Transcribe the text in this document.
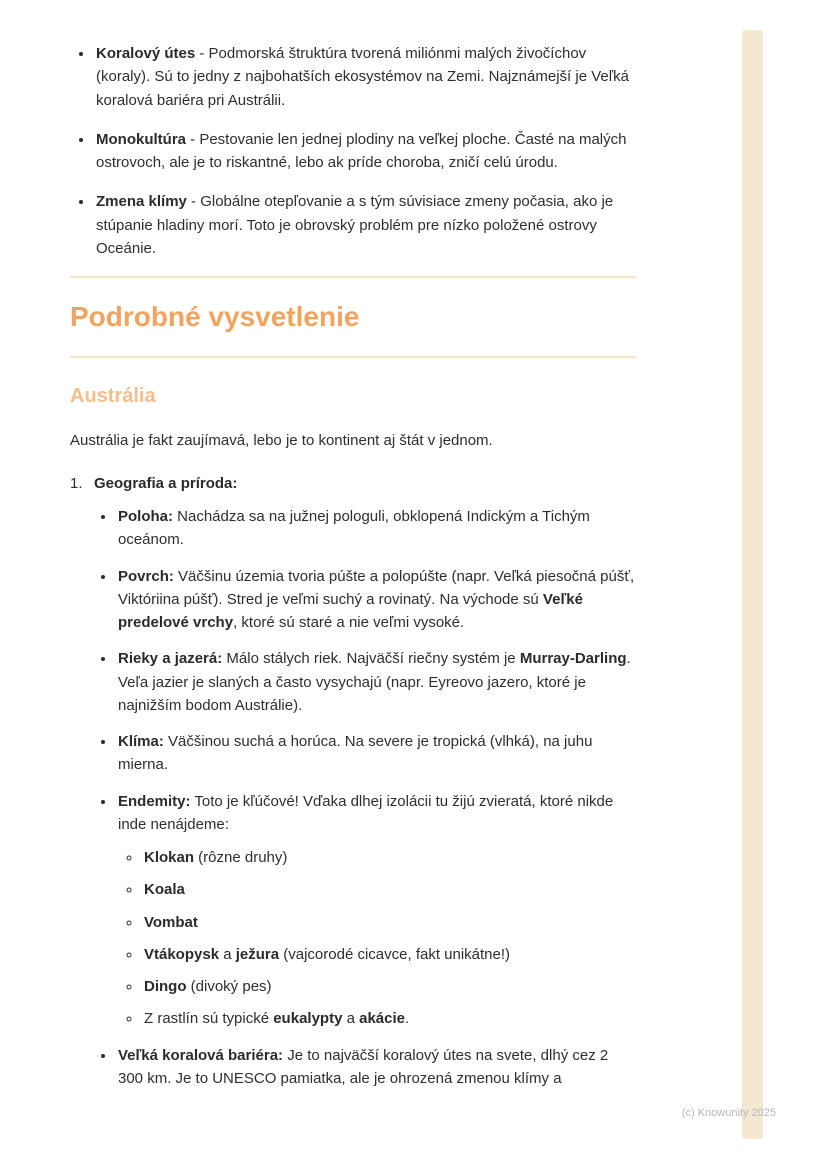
• Koralový útes - Podmorská štruktúra tvorená miliónmi malých živočíchov (koraly). Sú to jedny z najbohatších ekosystémov na Zemi. Najznámejší je Veľká koralová bariéra pri Austrálii.
• Monokultúra - Pestovanie len jednej plodiny na veľkej ploche. Časté na malých ostrovoch, ale je to riskantné, lebo ak príde choroba, zničí celú úrodu.
• Zmena klímy - Globálne otepľovanie a s tým súvisiace zmeny počasia, ako je stúpanie hladiny morí. Toto je obrovský problém pre nízko položené ostrovy Oceánie.
Podrobné vysvetlenie
Austrália

Austrália je fakt zaujímavá, lebo je to kontinent aj štát v jednom.

1. Geografia a príroda:
• Poloha: Nachádza sa na južnej pologuli, obklopená Indickým a Tichým oceánom.
• Povrch: Väčšinu územia tvoria púšte a polopúšte (napr. Veľká piesočná púšť, Viktóriina púšť). Stred je veľmi suchý a rovinatý. Na východe sú Veľké predelové vrchy, ktoré sú staré a nie veľmi vysoké.
• Rieky a jazerá: Málo stálych riek. Najväčší riečny systém je Murray-Darling. Veľa jazier je slaných a často vysychajú (napr. Eyreovo jazero, ktoré je najnižším bodom Austrálie).
• Klíma: Väčšinou suchá a horúca. Na severe je tropická (vlhká), na juhu mierna.
• Endemity: Toto je kľúčové! Vďaka dlhej izolácii tu žijú zvieratá, ktoré nikde inde nenájdeme:
◦ Klokan (rôzne druhy)
◦ Koala
◦ Vombat
◦ Vtákopysk a ježura (vajcorodé cicavce, fakt unikátne!)
◦ Dingo (divoký pes)
◦ Z rastlín sú typické eukalypty a akácie.
• Veľká koralová bariéra: Je to najväčší koralový útes na svete, dlhý cez 2 300 km. Je to UNESCO pamiatka, ale je ohrozená zmenou klímy a
(c) Knowunity 2025
